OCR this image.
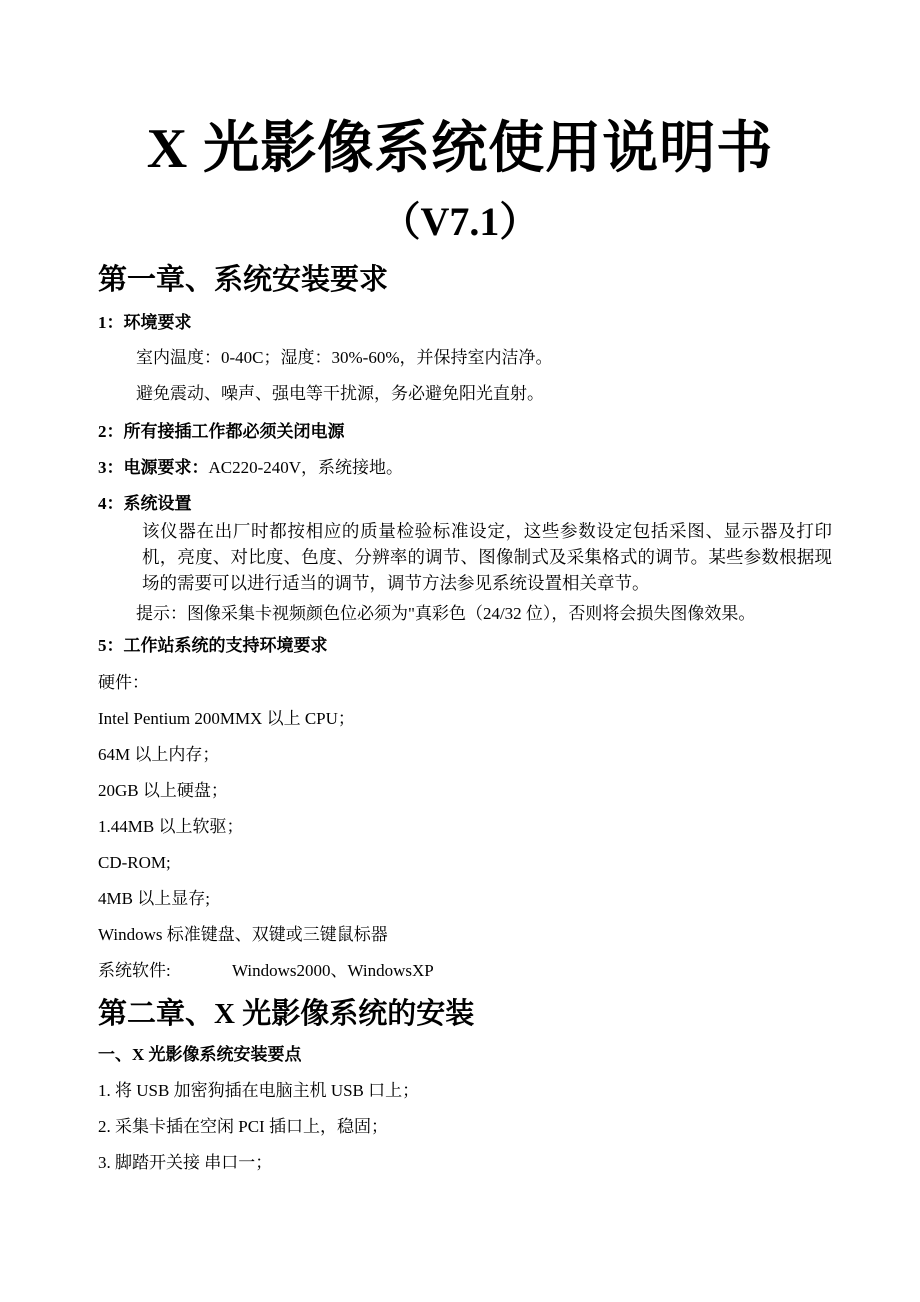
X 光影像系统使用说明书
（V7.1）
第一章、系统安装要求
1：环境要求
室内温度：0-40C；湿度：30%-60%，并保持室内洁净。
避免震动、噪声、强电等干扰源，务必避免阳光直射。
2：所有接插工作都必须关闭电源
3：电源要求：AC220-240V，系统接地。
4：系统设置
该仪器在出厂时都按相应的质量检验标准设定，这些参数设定包括采图、显示器及打印机，亮度、对比度、色度、分辨率的调节、图像制式及采集格式的调节。某些参数根据现场的需要可以进行适当的调节，调节方法参见系统设置相关章节。
提示：图像采集卡视频颜色位必须为"真彩色（24/32 位），否则将会损失图像效果。
5：工作站系统的支持环境要求
硬件：
Intel Pentium 200MMX 以上 CPU；
64M 以上内存；
20GB 以上硬盘；
1.44MB 以上软驱；
CD-ROM;
4MB 以上显存;
Windows 标准键盘、双键或三键鼠标器
系统软件:	Windows2000、WindowsXP
第二章、X 光影像系统的安装
一、X 光影像系统安装要点
1. 将 USB 加密狗插在电脑主机 USB 口上；
2. 采集卡插在空闲 PCI 插口上，稳固；
3. 脚踏开关接 串口一；
